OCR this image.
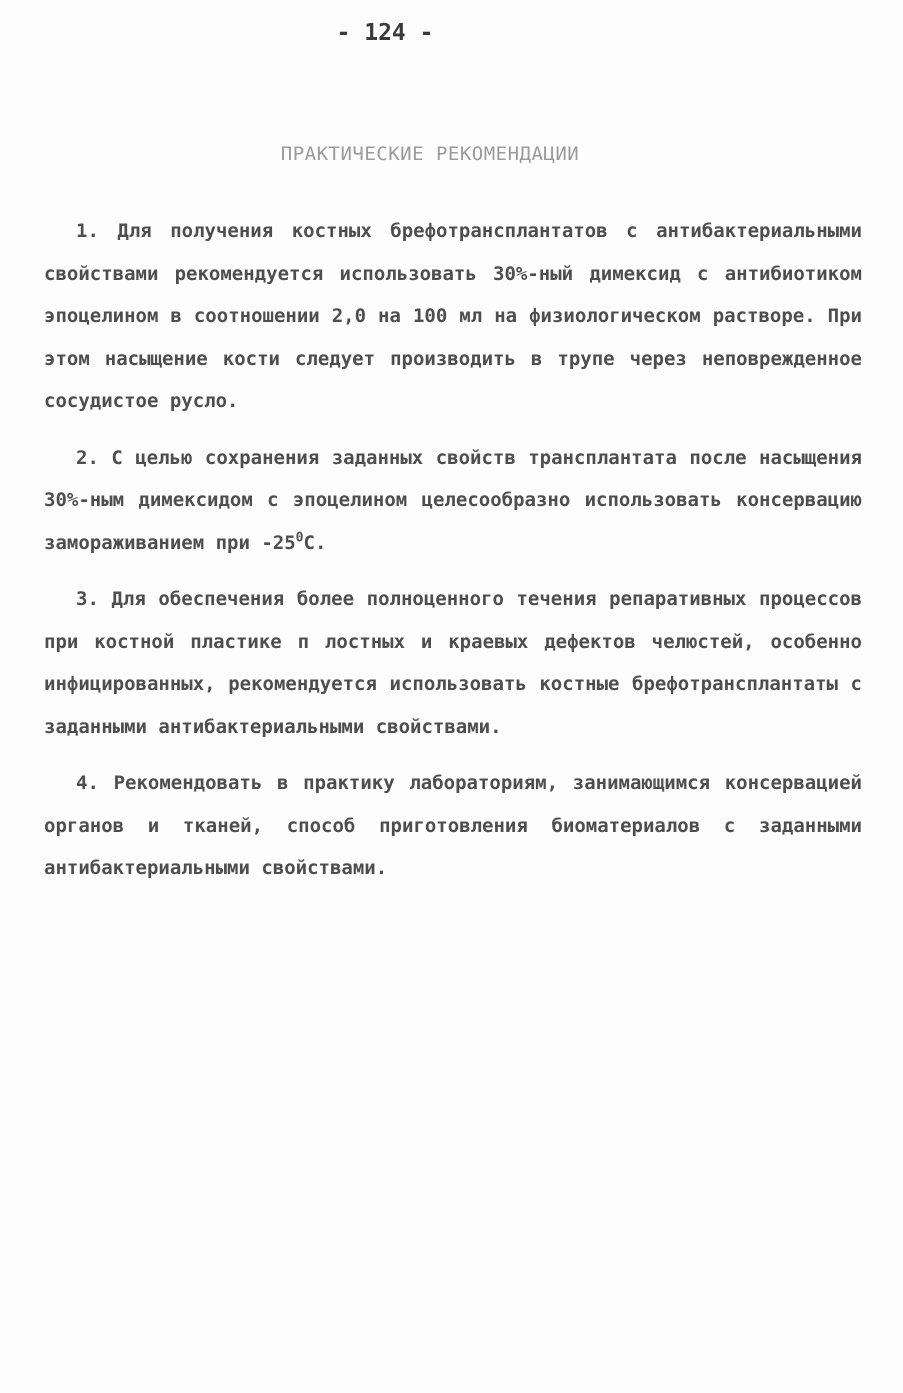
- 124 -
ПРАКТИЧЕСКИЕ РЕКОМЕНДАЦИИ

1. Для получения костных брефотрансплантатов с антибактериальными свойствами рекомендуется использовать 30%-ный димексид с антибиотиком эпоцелином в соотношении 2,0 на 100 мл на физиологическом растворе. При этом насыщение кости следует производить в трупе через неповрежденное сосудистое русло.

2. С целью сохранения заданных свойств трансплантата после насыщения 30%-ным димексидом с эпоцелином целесообразно использовать консервацию замораживанием при $-25^0С$.

3. Для обеспечения более полноценного течения репаративных процессов при костной пластике п лостных и краевых дефектов челюстей, особенно инфицированных, рекомендуется использовать костные брефотрансплантаты с заданными антибактериальными свойствами.

4. Рекомендовать в практику лабораториям, занимающимся консервацией органов и тканей, способ приготовления биоматериалов с заданными антибактериальными свойствами.
